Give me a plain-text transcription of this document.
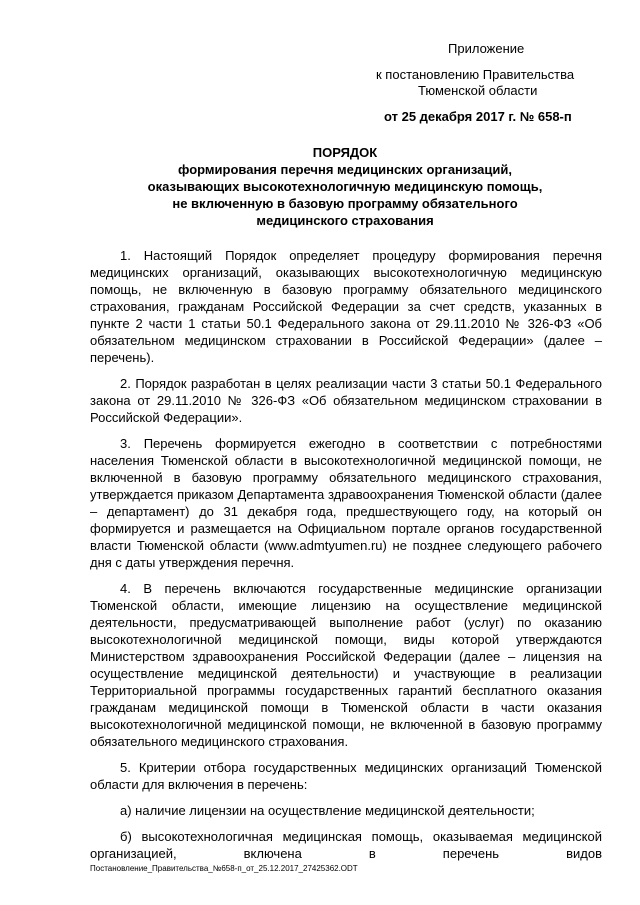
Приложение
к постановлению Правительства
Тюменской области
от 25 декабря 2017 г. № 658-п
ПОРЯДОК
формирования перечня медицинских организаций,
оказывающих высокотехнологичную медицинскую помощь,
не включенную в базовую программу обязательного
медицинского страхования

1. Настоящий Порядок определяет процедуру формирования перечня медицинских организаций, оказывающих высокотехнологичную медицинскую помощь, не включенную в базовую программу обязательного медицинского страхования, гражданам Российской Федерации за счет средств, указанных в пункте 2 части 1 статьи 50.1 Федерального закона от 29.11.2010 № 326-ФЗ «Об обязательном медицинском страховании в Российской Федерации» (далее – перечень).

2. Порядок разработан в целях реализации части 3 статьи 50.1 Федерального закона от 29.11.2010 № 326-ФЗ «Об обязательном медицинском страховании в Российской Федерации».

3. Перечень формируется ежегодно в соответствии с потребностями населения Тюменской области в высокотехнологичной медицинской помощи, не включенной в базовую программу обязательного медицинского страхования, утверждается приказом Департамента здравоохранения Тюменской области (далее – департамент) до 31 декабря года, предшествующего году, на который он формируется и размещается на Официальном портале органов государственной власти Тюменской области (www.admtyumen.ru) не позднее следующего рабочего дня с даты утверждения перечня.

4. В перечень включаются государственные медицинские организации Тюменской области, имеющие лицензию на осуществление медицинской деятельности, предусматривающей выполнение работ (услуг) по оказанию высокотехнологичной медицинской помощи, виды которой утверждаются Министерством здравоохранения Российской Федерации (далее – лицензия на осуществление медицинской деятельности) и участвующие в реализации Территориальной программы государственных гарантий бесплатного оказания гражданам медицинской помощи в Тюменской области в части оказания высокотехнологичной медицинской помощи, не включенной в базовую программу обязательного медицинского страхования.

5. Критерии отбора государственных медицинских организаций Тюменской области для включения в перечень:

а) наличие лицензии на осуществление медицинской деятельности;

б) высокотехнологичная медицинская помощь, оказываемая медицинской организацией, включена в перечень видов

Постановление_Правительства_№658-п_от_25.12.2017_27425362.ODT
